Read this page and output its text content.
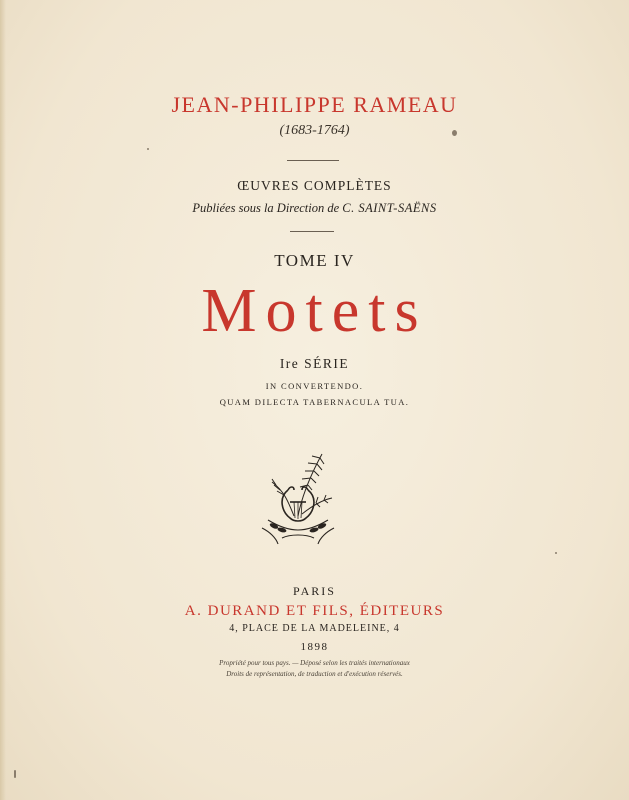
JEAN-PHILIPPE RAMEAU
(1683-1764)
ŒUVRES COMPLÈTES
Publiées sous la Direction de C. SAINT-SAËNS
TOME IV
Motets
Ire SÉRIE
IN CONVERTENDO.
QUAM DILECTA TABERNACULA TUA.
PARIS
A. DURAND ET FILS, ÉDITEURS
4, PLACE DE LA MADELEINE, 4
1898
Propriété pour tous pays. — Déposé selon les traités internationaux
Droits de représentation, de traduction et d'exécution réservés.
